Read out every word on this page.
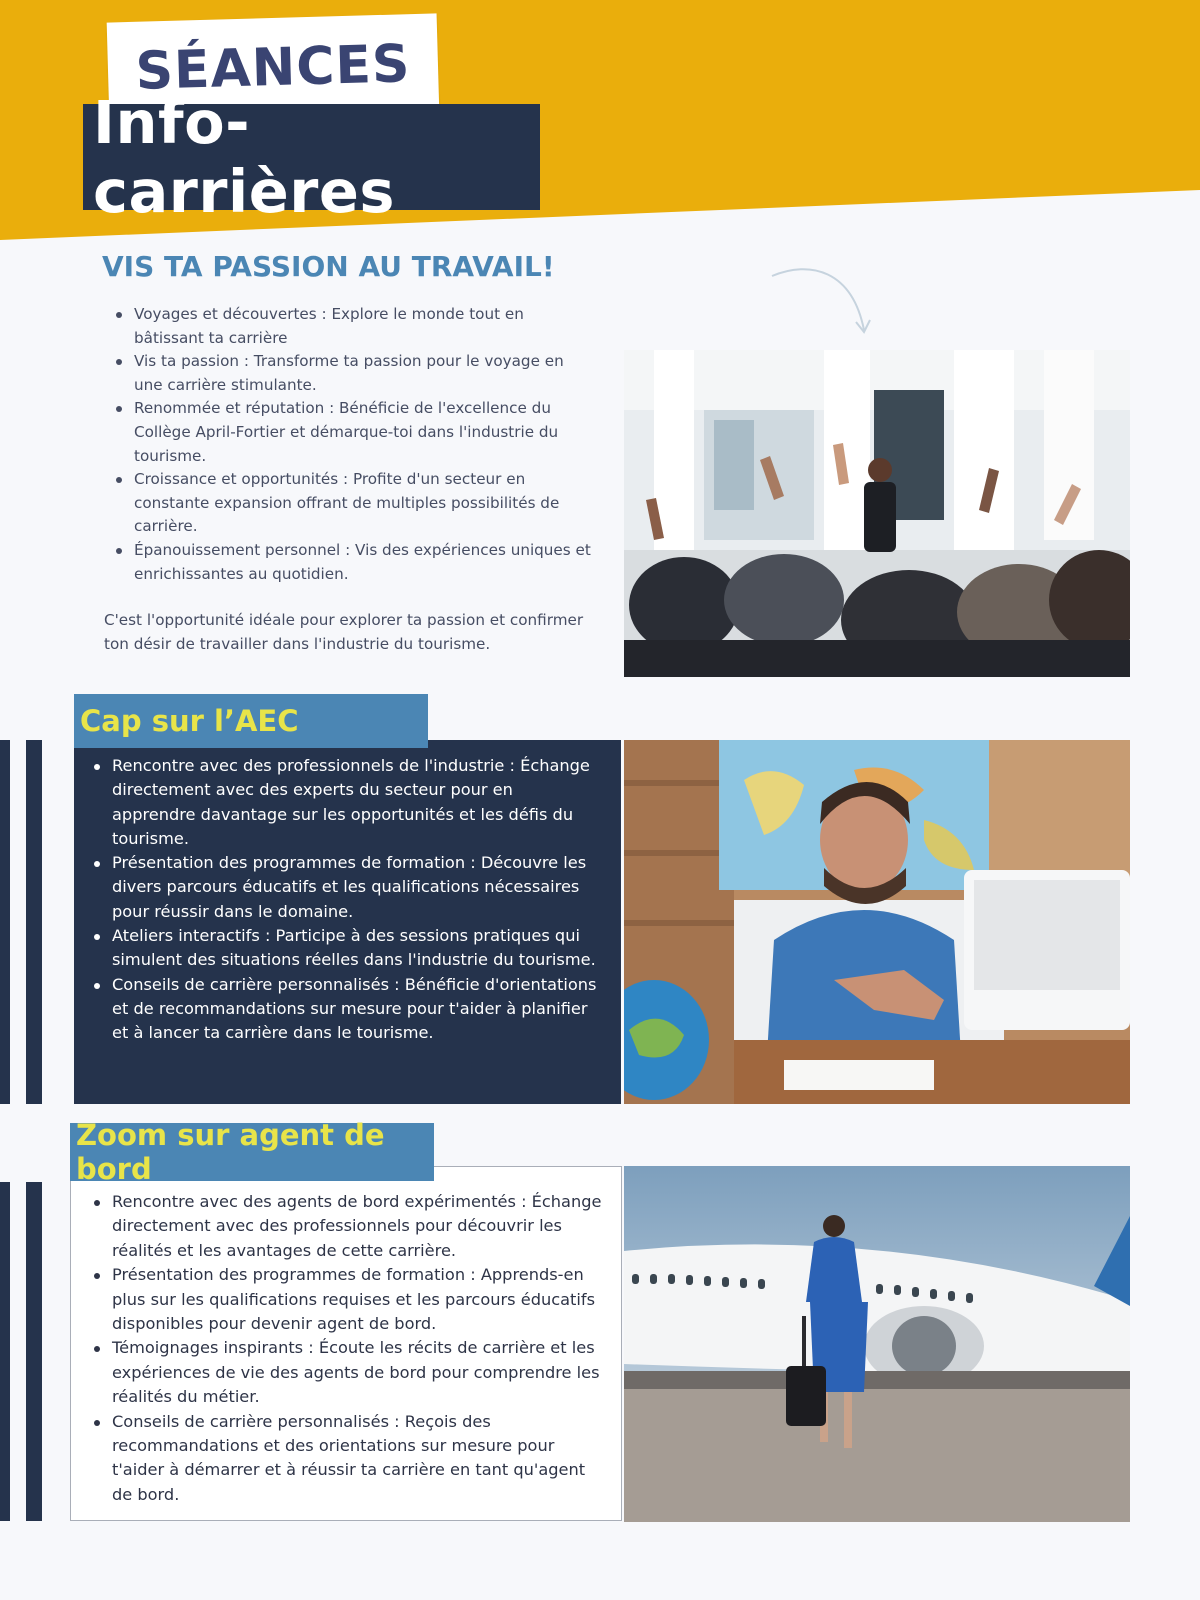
SÉANCES
Info-carrières
VIS TA PASSION AU TRAVAIL!
Voyages et découvertes : Explore le monde tout en bâtissant ta carrière
Vis ta passion : Transforme ta passion pour le voyage en une carrière stimulante.
Renommée et réputation : Bénéficie de l'excellence du Collège April-Fortier et démarque-toi dans l'industrie du tourisme.
Croissance et opportunités : Profite d'un secteur en constante expansion offrant de multiples possibilités de carrière.
Épanouissement personnel : Vis des expériences uniques et enrichissantes au quotidien.

C'est l'opportunité idéale pour explorer ta passion et confirmer ton désir de travailler dans l'industrie du tourisme.

Cap sur l’AEC
Rencontre avec des professionnels de l'industrie : Échange directement avec des experts du secteur pour en apprendre davantage sur les opportunités et les défis du tourisme.
Présentation des programmes de formation : Découvre les divers parcours éducatifs et les qualifications nécessaires pour réussir dans le domaine.
Ateliers interactifs : Participe à des sessions pratiques qui simulent des situations réelles dans l'industrie du tourisme.
Conseils de carrière personnalisés : Bénéficie d'orientations et de recommandations sur mesure pour t'aider à planifier et à lancer ta carrière dans le tourisme.
Zoom sur agent de bord
Rencontre avec des agents de bord expérimentés : Échange directement avec des professionnels pour découvrir les réalités et les avantages de cette carrière.
Présentation des programmes de formation : Apprends-en plus sur les qualifications requises et les parcours éducatifs disponibles pour devenir agent de bord.
Témoignages inspirants : Écoute les récits de carrière et les expériences de vie des agents de bord pour comprendre les réalités du métier.
Conseils de carrière personnalisés : Reçois des recommandations et des orientations sur mesure pour t'aider à démarrer et à réussir ta carrière en tant qu'agent de bord.
